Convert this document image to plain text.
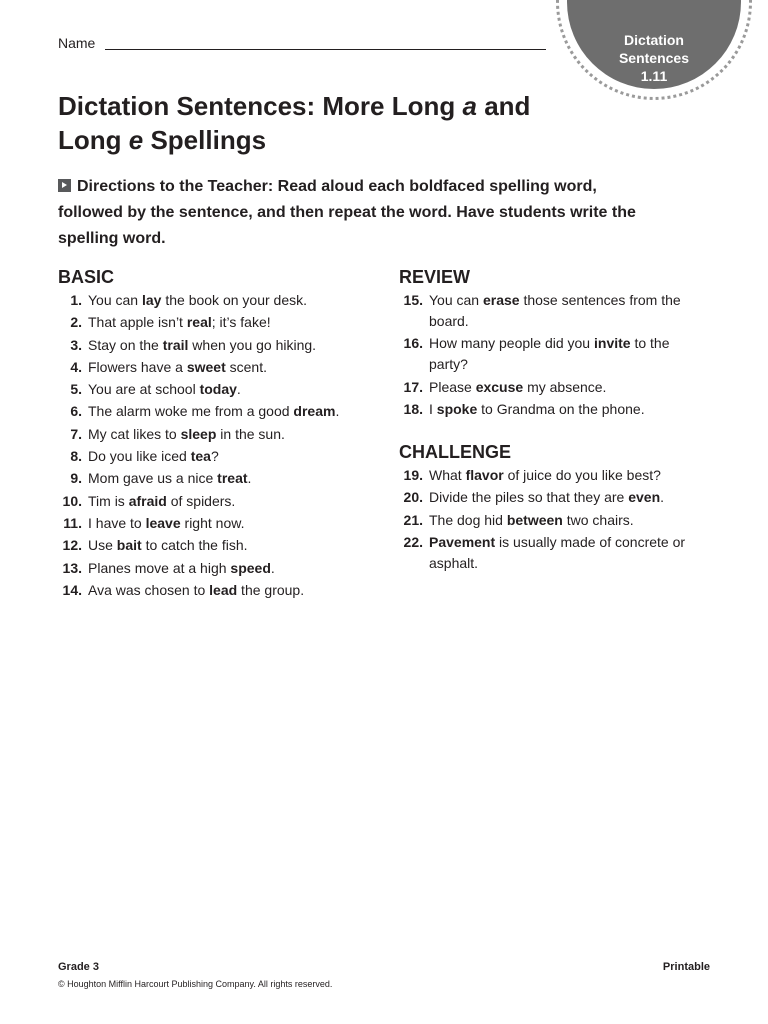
Dictation
Sentences
1.11
Name
Dictation Sentences: More Long a and
Long e Spellings

Directions to the Teacher: Read aloud each boldfaced spelling word, followed by the sentence, and then repeat the word. Have students write the spelling word.

BASIC
1. You can lay the book on your desk.
2. That apple isn’t real; it’s fake!
3. Stay on the trail when you go hiking.
4. Flowers have a sweet scent.
5. You are at school today.
6. The alarm woke me from a good dream.
7. My cat likes to sleep in the sun.
8. Do you like iced tea?
9. Mom gave us a nice treat.
10. Tim is afraid of spiders.
11. I have to leave right now.
12. Use bait to catch the fish.
13. Planes move at a high speed.
14. Ava was chosen to lead the group.
REVIEW
15. You can erase those sentences from the board.
16. How many people did you invite to the party?
17. Please excuse my absence.
18. I spoke to Grandma on the phone.
CHALLENGE
19. What flavor of juice do you like best?
20. Divide the piles so that they are even.
21. The dog hid between two chairs.
22. Pavement is usually made of concrete or asphalt.
Grade 3	Printable
© Houghton Mifflin Harcourt Publishing Company. All rights reserved.
